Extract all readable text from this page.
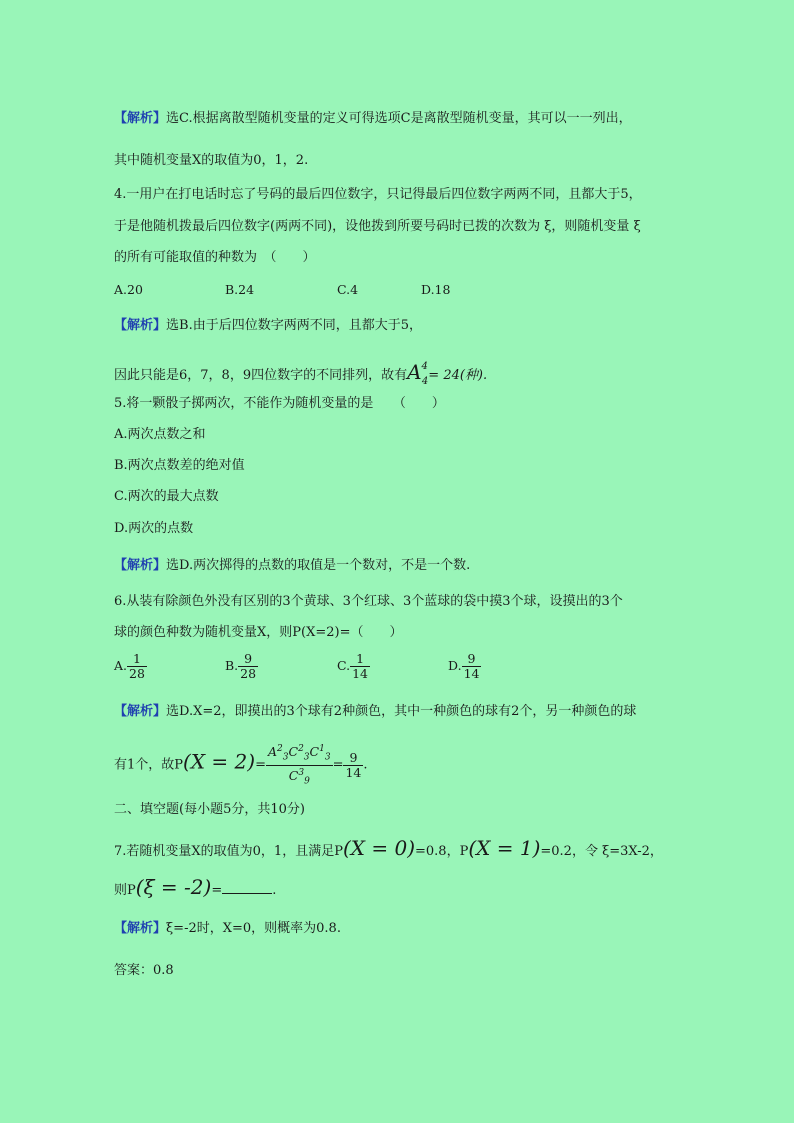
【解析】选C.根据离散型随机变量的定义可得选项C是离散型随机变量，其可以一一列出，
其中随机变量X的取值为0，1，2.
4.一用户在打电话时忘了号码的最后四位数字，只记得最后四位数字两两不同，且都大于5，
于是他随机拨最后四位数字(两两不同)，设他拨到所要号码时已拨的次数为 ξ，则随机变量 ξ
的所有可能取值的种数为　（　　）
A.20	B.24	C.4	D.18
【解析】选B.由于后四位数字两两不同，且都大于5，
因此只能是6，7，8，9四位数字的不同排列，故有$A^4_4= 24$(种).
5.将一颗骰子掷两次，不能作为随机变量的是　　（　　）
A.两次点数之和
B.两次点数差的绝对值
C.两次的最大点数
D.两次的点数
【解析】选D.两次掷得的点数的取值是一个数对，不是一个数.
6.从装有除颜色外没有区别的3个黄球、3个红球、3个蓝球的袋中摸3个球，设摸出的3个
球的颜色种数为随机变量X，则P(X=2)=（　　）
A. $\frac{1}{28}$	B. $\frac{9}{28}$	C. $\frac{1}{14}$	D. $\frac{9}{14}$
【解析】选D.X=2，即摸出的3个球有2种颜色，其中一种颜色的球有2个，另一种颜色的球
有1个，故$P(X = 2)= \frac{A^2_3C^2_3C^1_3}{C^3_9} = \frac{9}{14}$ .
二、填空题(每小题5分，共10分)
7.若随机变量X的取值为0，1，且满足P(X = 0)=0.8，P(X = 1)=0.2，令 ξ=3X-2，
则P(ξ = -2)=	.
【解析】ξ=-2时，X=0，则概率为0.8.
答案：0.8
